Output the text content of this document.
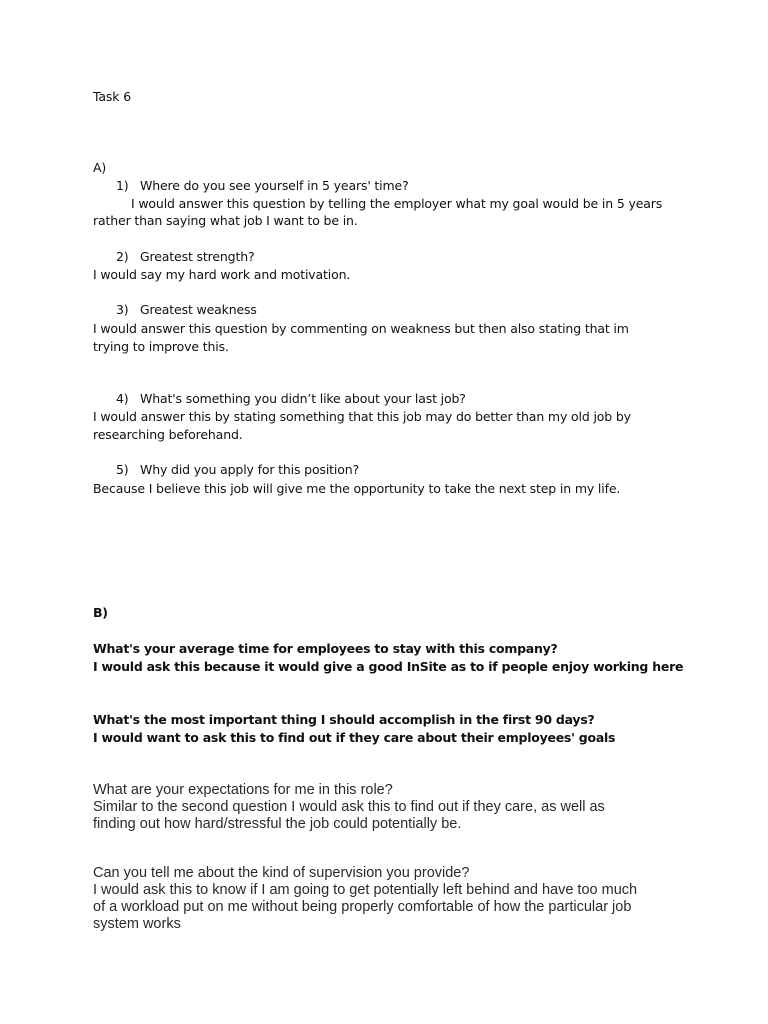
Task 6
A)
1) Where do you see yourself in 5 years' time?
I would answer this question by telling the employer what my goal would be in 5 years
rather than saying what job I want to be in.
2) Greatest strength?
I would say my hard work and motivation.
3) Greatest weakness
I would answer this question by commenting on weakness but then also stating that im
trying to improve this.
4) What's something you didn’t like about your last job?
I would answer this by stating something that this job may do better than my old job by
researching beforehand.
5) Why did you apply for this position?
Because I believe this job will give me the opportunity to take the next step in my life.
B)
What's your average time for employees to stay with this company?
I would ask this because it would give a good InSite as to if people enjoy working here
What's the most important thing I should accomplish in the first 90 days?
I would want to ask this to find out if they care about their employees' goals
What are your expectations for me in this role?
Similar to the second question I would ask this to find out if they care, as well as
finding out how hard/stressful the job could potentially be.
Can you tell me about the kind of supervision you provide?
I would ask this to know if I am going to get potentially left behind and have too much
of a workload put on me without being properly comfortable of how the particular job
system works
